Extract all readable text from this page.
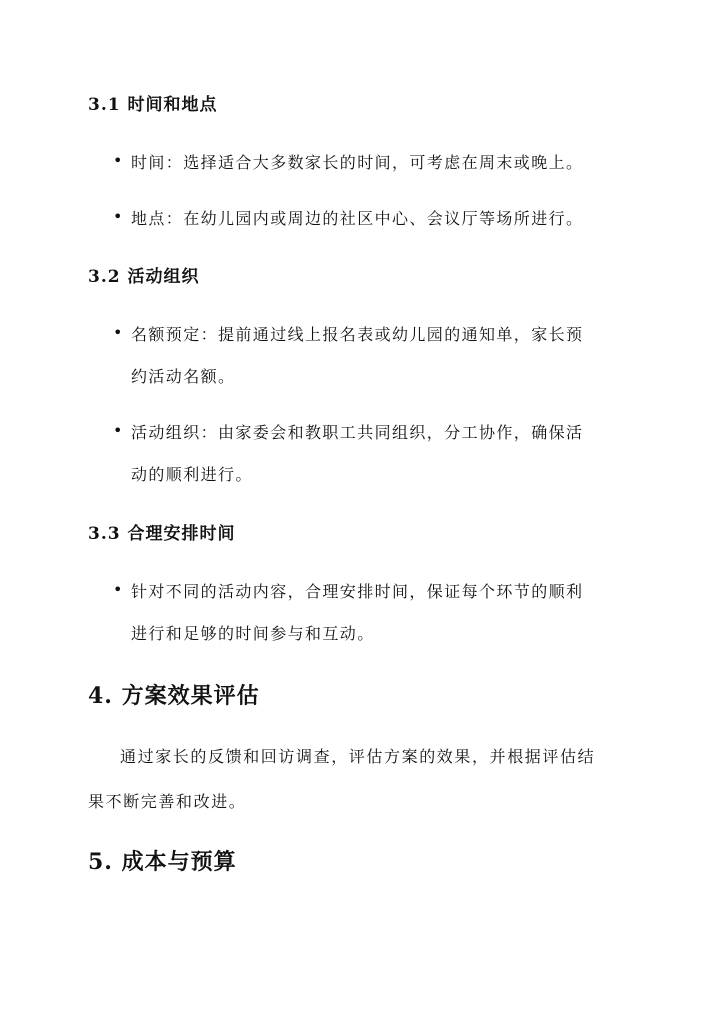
3.1 时间和地点
• 时间：选择适合大多数家长的时间，可考虑在周末或晚上。
• 地点：在幼儿园内或周边的社区中心、会议厅等场所进行。
3.2 活动组织
• 名额预定：提前通过线上报名表或幼儿园的通知单，家长预
约活动名额。
• 活动组织：由家委会和教职工共同组织，分工协作，确保活
动的顺利进行。
3.3 合理安排时间
• 针对不同的活动内容，合理安排时间，保证每个环节的顺利
进行和足够的时间参与和互动。
4. 方案效果评估
通过家长的反馈和回访调查，评估方案的效果，并根据评估结
果不断完善和改进。
5. 成本与预算
